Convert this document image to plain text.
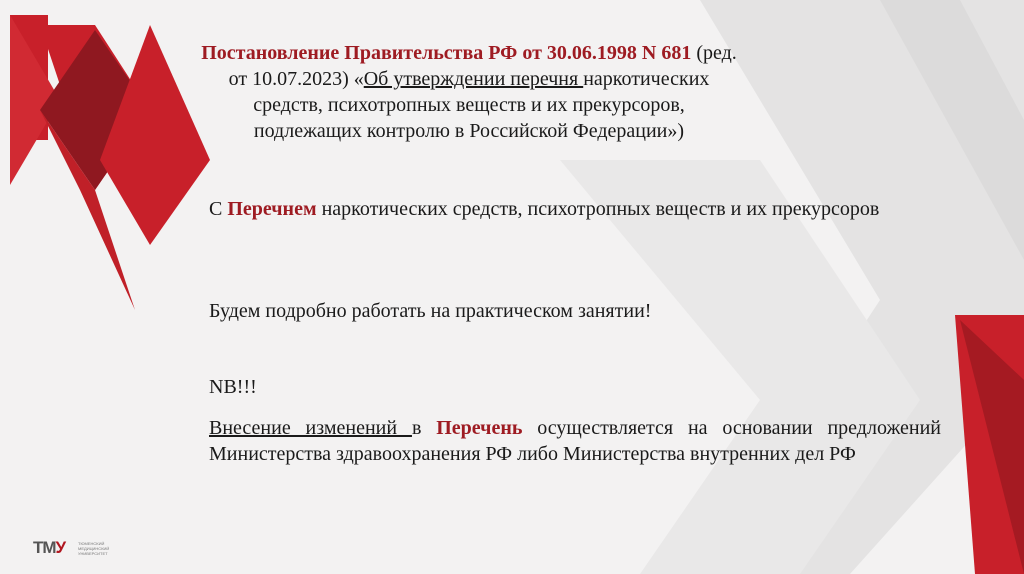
Постановление Правительства РФ от 30.06.1998 N 681 (ред. от 10.07.2023) «Об утверждении перечня наркотических средств, психотропных веществ и их прекурсоров, подлежащих контролю в Российской Федерации»)
С Перечнем наркотических средств, психотропных веществ и их прекурсоров
Будем подробно работать на практическом занятии!
NB!!!
Внесение изменений в Перечень осуществляется на основании предложений Министерства здравоохранения РФ либо Министерства внутренних дел РФ
ТМУ	ТЮМЕНСКИЙ МЕДИЦИНСКИЙ УНИВЕРСИТЕТ
